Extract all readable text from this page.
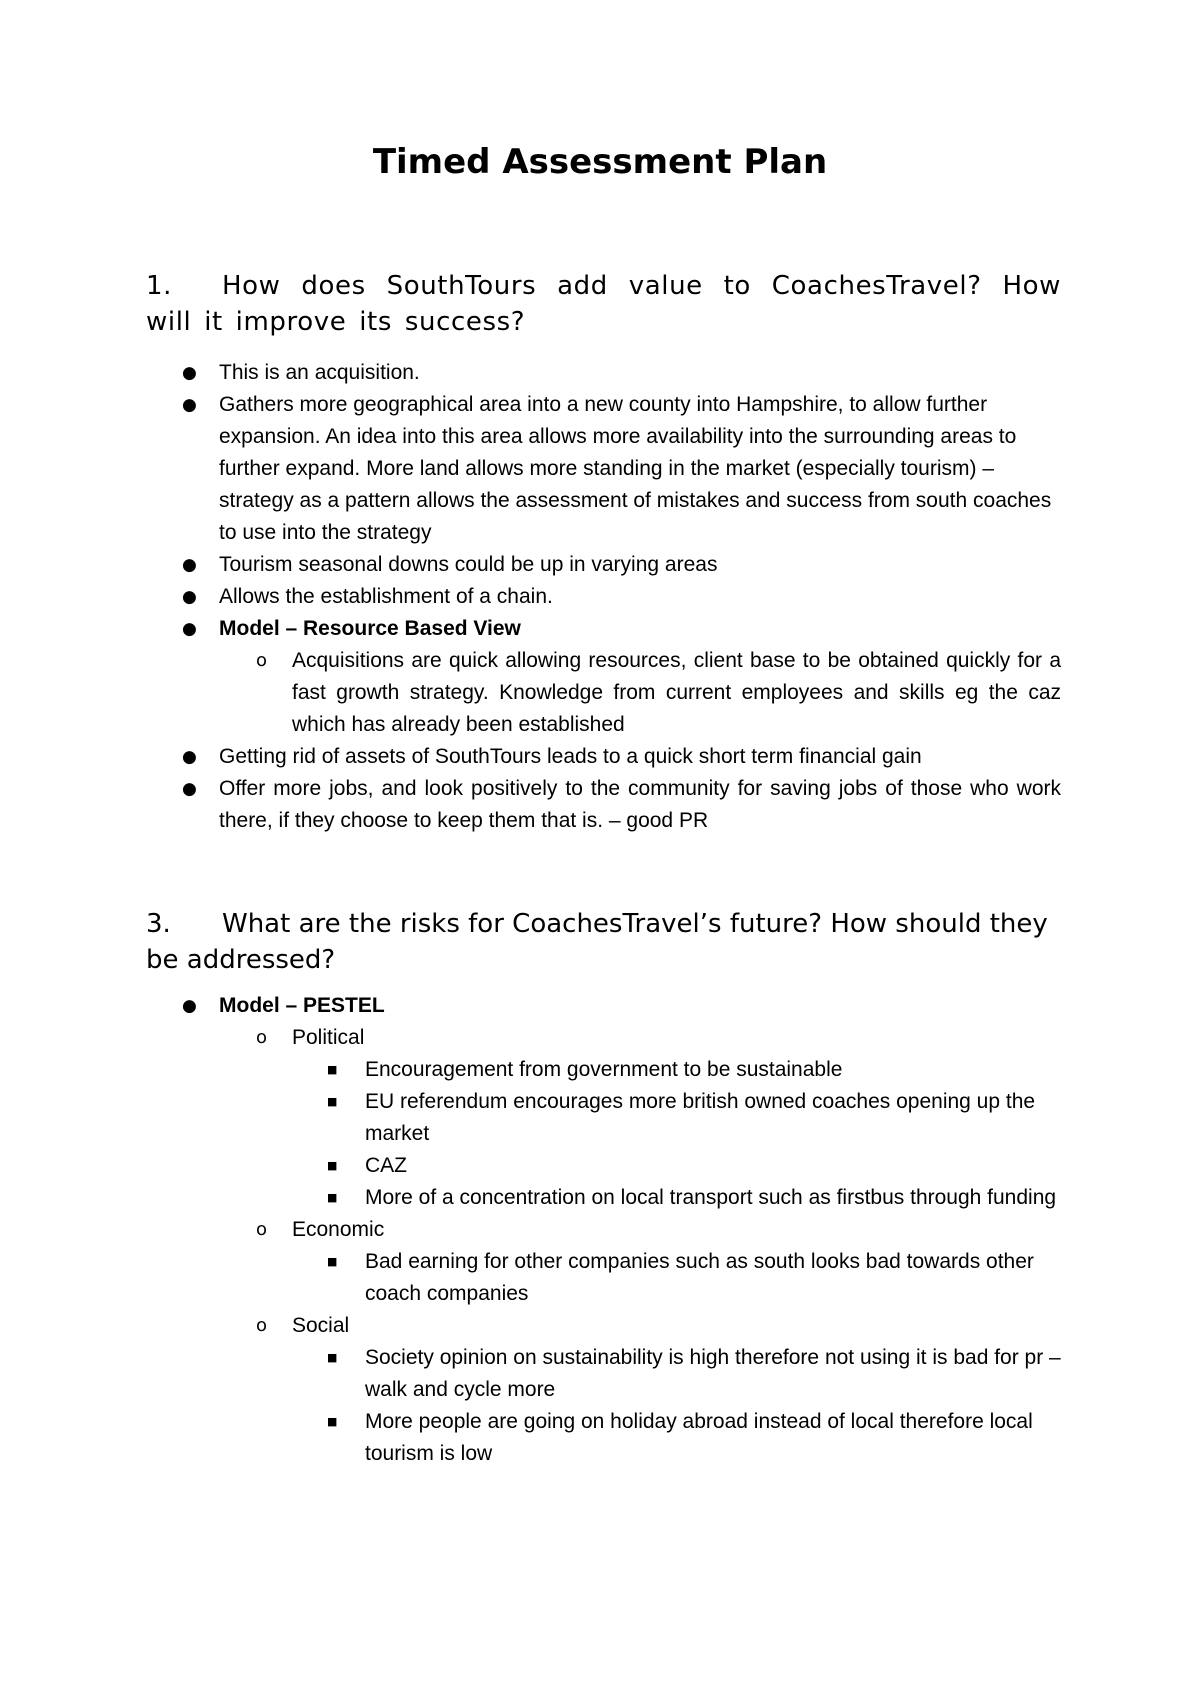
Timed Assessment Plan
1. How does SouthTours add value to CoachesTravel? How will it improve its success?
● This is an acquisition.
● Gathers more geographical area into a new county into Hampshire, to allow further expansion. An idea into this area allows more availability into the surrounding areas to further expand. More land allows more standing in the market (especially tourism) – strategy as a pattern allows the assessment of mistakes and success from south coaches to use into the strategy
● Tourism seasonal downs could be up in varying areas
● Allows the establishment of a chain.
● Model – Resource Based View
o Acquisitions are quick allowing resources, client base to be obtained quickly for a fast growth strategy. Knowledge from current employees and skills eg the caz which has already been established
● Getting rid of assets of SouthTours leads to a quick short term financial gain
● Offer more jobs, and look positively to the community for saving jobs of those who work there, if they choose to keep them that is. – good PR
3. What are the risks for CoachesTravel’s future? How should they be addressed?
● Model – PESTEL
o Political
■ Encouragement from government to be sustainable
■ EU referendum encourages more british owned coaches opening up the market
■ CAZ
■ More of a concentration on local transport such as firstbus through funding
o Economic
■ Bad earning for other companies such as south looks bad towards other coach companies
o Social
■ Society opinion on sustainability is high therefore not using it is bad for pr – walk and cycle more
■ More people are going on holiday abroad instead of local therefore local tourism is low
